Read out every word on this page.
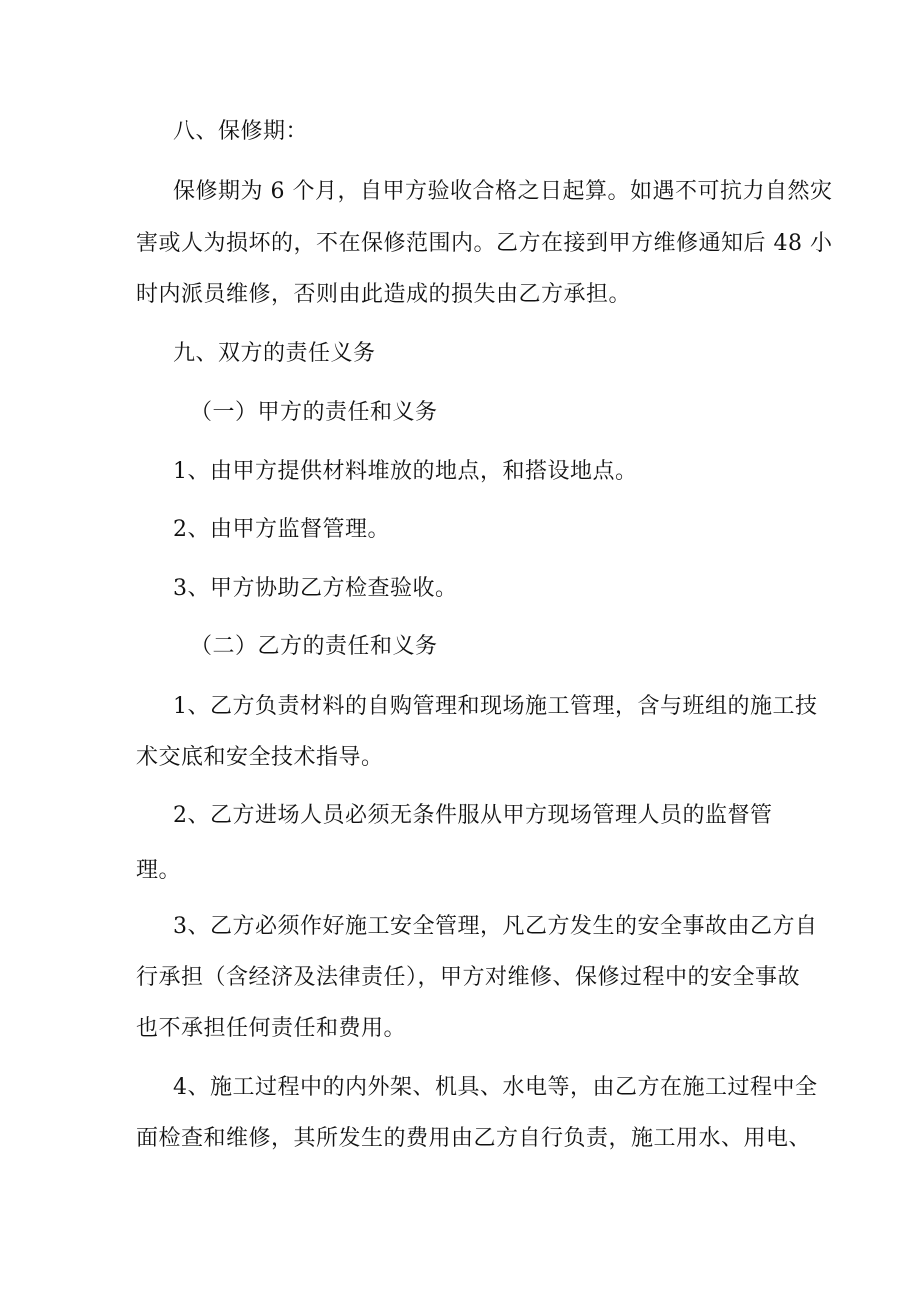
八、保修期：
保修期为 6 个月，自甲方验收合格之日起算。如遇不可抗力自然灾
害或人为损坏的，不在保修范围内。乙方在接到甲方维修通知后 48 小
时内派员维修，否则由此造成的损失由乙方承担。
九、双方的责任义务
（一）甲方的责任和义务
1、由甲方提供材料堆放的地点，和搭设地点。
2、由甲方监督管理。
3、甲方协助乙方检查验收。
（二）乙方的责任和义务
1、乙方负责材料的自购管理和现场施工管理，含与班组的施工技
术交底和安全技术指导。
2、乙方进场人员必须无条件服从甲方现场管理人员的监督管
理。
3、乙方必须作好施工安全管理，凡乙方发生的安全事故由乙方自
行承担（含经济及法律责任），甲方对维修、保修过程中的安全事故
也不承担任何责任和费用。
4、施工过程中的内外架、机具、水电等，由乙方在施工过程中全
面检查和维修，其所发生的费用由乙方自行负责，施工用水、用电、
